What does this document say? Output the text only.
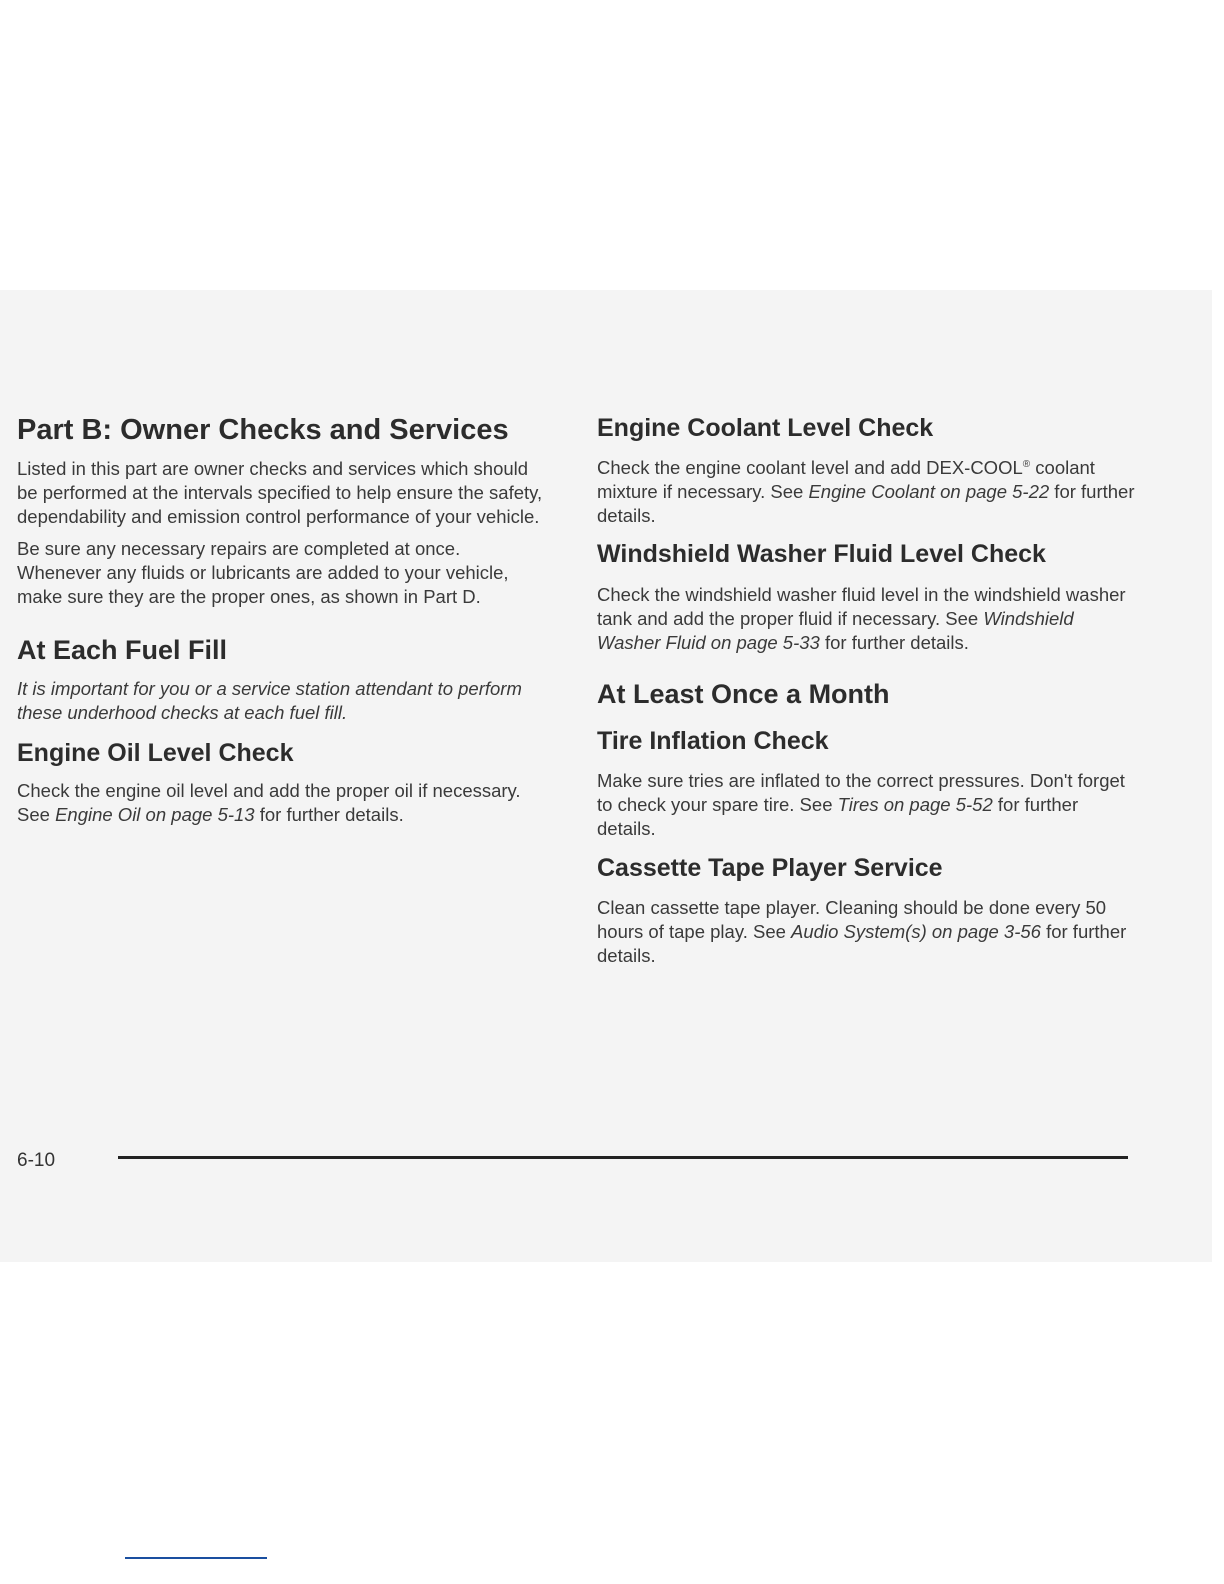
Part B: Owner Checks and Services

Listed in this part are owner checks and services which should be performed at the intervals specified to help ensure the safety, dependability and emission control performance of your vehicle.

Be sure any necessary repairs are completed at once. Whenever any fluids or lubricants are added to your vehicle, make sure they are the proper ones, as shown in Part D.

At Each Fuel Fill

It is important for you or a service station attendant to perform these underhood checks at each fuel fill.

Engine Oil Level Check

Check the engine oil level and add the proper oil if necessary. See Engine Oil on page 5-13 for further details.

Engine Coolant Level Check

Check the engine coolant level and add DEX-COOL® coolant mixture if necessary. See Engine Coolant on page 5-22 for further details.

Windshield Washer Fluid Level Check

Check the windshield washer fluid level in the windshield washer tank and add the proper fluid if necessary. See Windshield Washer Fluid on page 5-33 for further details.

At Least Once a Month
Tire Inflation Check

Make sure tries are inflated to the correct pressures. Don't forget to check your spare tire. See Tires on page 5-52 for further details.

Cassette Tape Player Service

Clean cassette tape player. Cleaning should be done every 50 hours of tape play. See Audio System(s) on page 3-56 for further details.

6-10
